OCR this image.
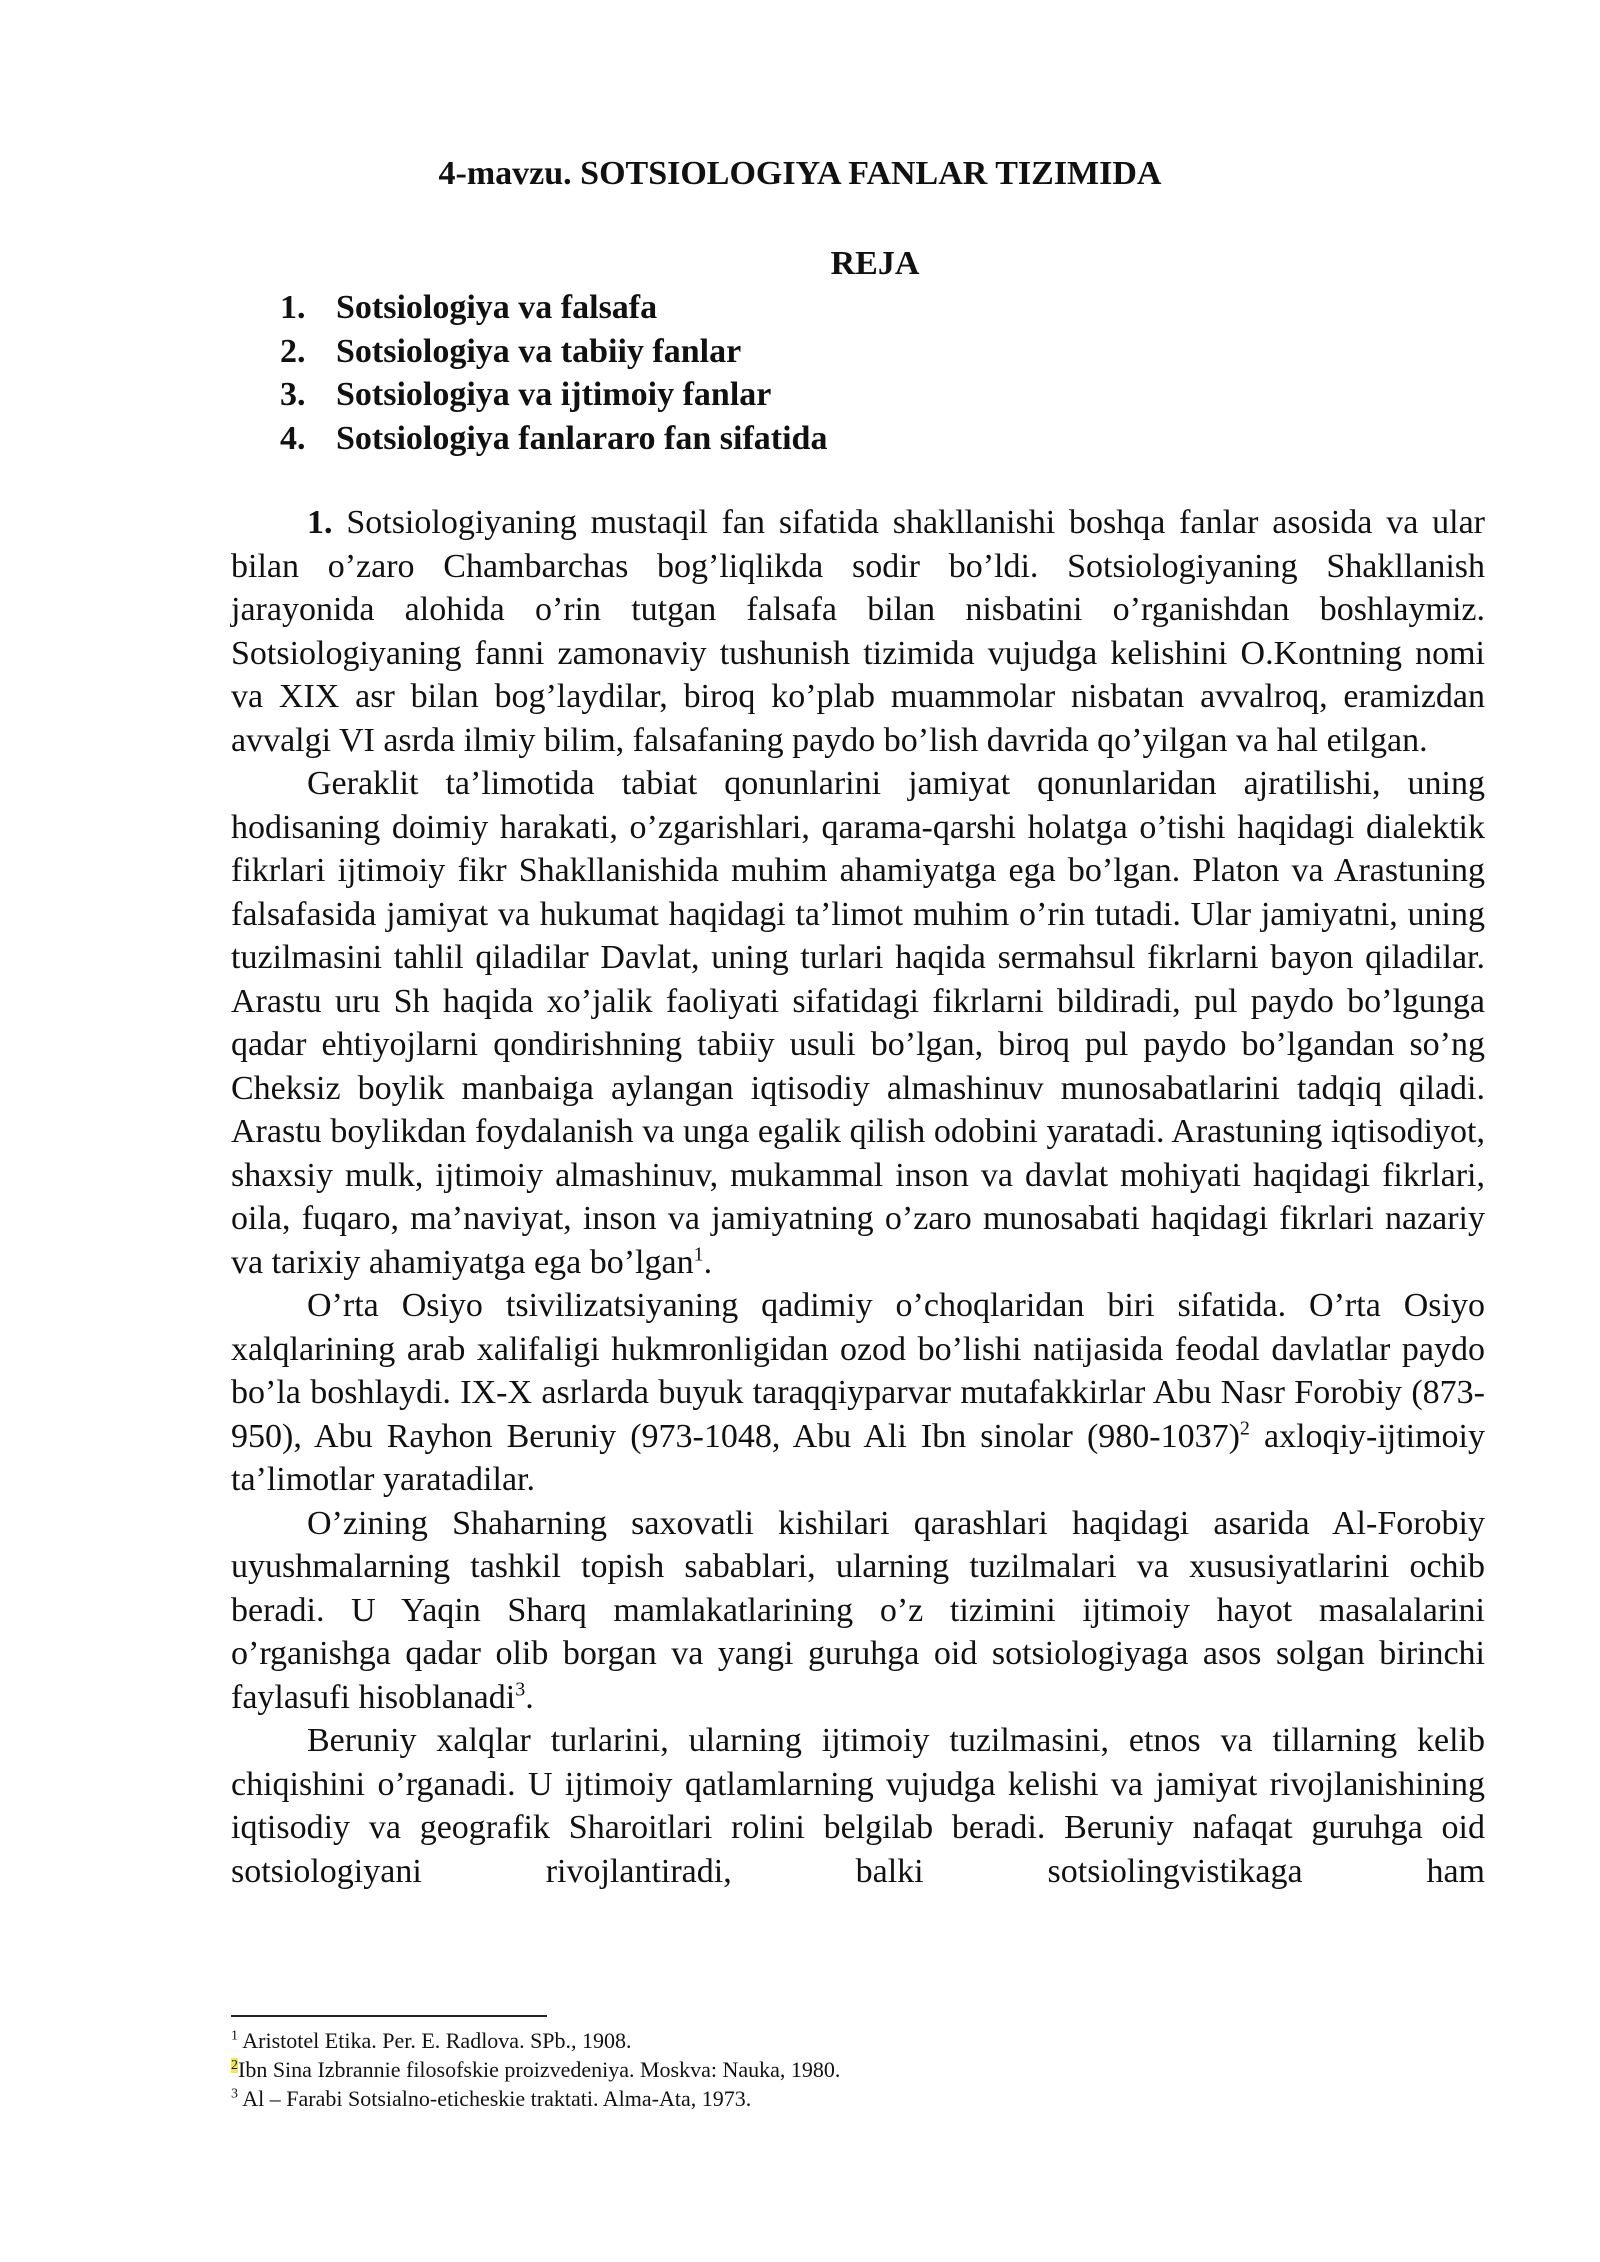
4-mavzu. SOTSIOLOGIYA FANLAR TIZIMIDA
REJA
1. Sotsiologiya va falsafa
2. Sotsiologiya va tabiiy fanlar
3. Sotsiologiya va ijtimoiy fanlar
4. Sotsiologiya fanlararo fan sifatida

1. Sotsiologiyaning mustaqil fan sifatida shakllanishi boshqa fanlar asosida va ular bilan o’zaro Chambarchas bog’liqlikda sodir bo’ldi. Sotsiologiyaning Shakllanish jarayonida alohida o’rin tutgan falsafa bilan nisbatini o’rganishdan boshlaymiz. Sotsiologiyaning fanni zamonaviy tushunish tizimida vujudga kelishini O.Kontning nomi va XIX asr bilan bog’laydilar, biroq ko’plab muammolar nisbatan avvalroq, eramizdan avvalgi VI asrda ilmiy bilim, falsafaning paydo bo’lish davrida qo’yilgan va hal etilgan.

Geraklit ta’limotida tabiat qonunlarini jamiyat qonunlaridan ajratilishi, uning hodisaning doimiy harakati, o’zgarishlari, qarama-qarshi holatga o’tishi haqidagi dialektik fikrlari ijtimoiy fikr Shakllanishida muhim ahamiyatga ega bo’lgan. Platon va Arastuning falsafasida jamiyat va hukumat haqidagi ta’limot muhim o’rin tutadi. Ular jamiyatni, uning tuzilmasini tahlil qiladilar Davlat, uning turlari haqida sermahsul fikrlarni bayon qiladilar. Arastu uru Sh haqida xo’jalik faoliyati sifatidagi fikrlarni bildiradi, pul paydo bo’lgunga qadar ehtiyojlarni qondirishning tabiiy usuli bo’lgan, biroq pul paydo bo’lgandan so’ng Cheksiz boylik manbaiga aylangan iqtisodiy almashinuv munosabatlarini tadqiq qiladi. Arastu boylikdan foydalanish va unga egalik qilish odobini yaratadi. Arastuning iqtisodiyot, shaxsiy mulk, ijtimoiy almashinuv, mukammal inson va davlat mohiyati haqidagi fikrlari, oila, fuqaro, ma’naviyat, inson va jamiyatning o’zaro munosabati haqidagi fikrlari nazariy va tarixiy ahamiyatga ega bo’lgan$^1$.

O’rta Osiyo tsivilizatsiyaning qadimiy o’choqlaridan biri sifatida. O’rta Osiyo xalqlarining arab xalifaligi hukmronligidan ozod bo’lishi natijasida feodal davlatlar paydo bo’la boshlaydi. IX-X asrlarda buyuk taraqqiyparvar mutafakkirlar Abu Nasr Forobiy (873-950), Abu Rayhon Beruniy (973-1048, Abu Ali Ibn sinolar $(980-1037)^2$ axloqiy-ijtimoiy ta’limotlar yaratadilar.

O’zining Shaharning saxovatli kishilari qarashlari haqidagi asarida Al-Forobiy uyushmalarning tashkil topish sabablari, ularning tuzilmalari va xususiyatlarini ochib beradi. U Yaqin Sharq mamlakatlarining o’z tizimini ijtimoiy hayot masalalarini o’rganishga qadar olib borgan va yangi guruhga oid sotsiologiyaga asos solgan birinchi faylasufi hisoblanadi$^3$.

Beruniy xalqlar turlarini, ularning ijtimoiy tuzilmasini, etnos va tillarning kelib chiqishini o’rganadi. U ijtimoiy qatlamlarning vujudga kelishi va jamiyat rivojlanishining iqtisodiy va geografik Sharoitlari rolini belgilab beradi. Beruniy nafaqat guruhga oid sotsiologiyani rivojlantiradi, balki sotsiolingvistikaga ham

$^1$ Aristotel Etika. Per. E. Radlova. SPb., 1908.

$^2$Ibn Sina Izbrannie filosofskie proizvedeniya. Moskva: Nauka, 1980.

$^3$ Al – Farabi Sotsialno-eticheskie traktati. Alma-Ata, 1973.
